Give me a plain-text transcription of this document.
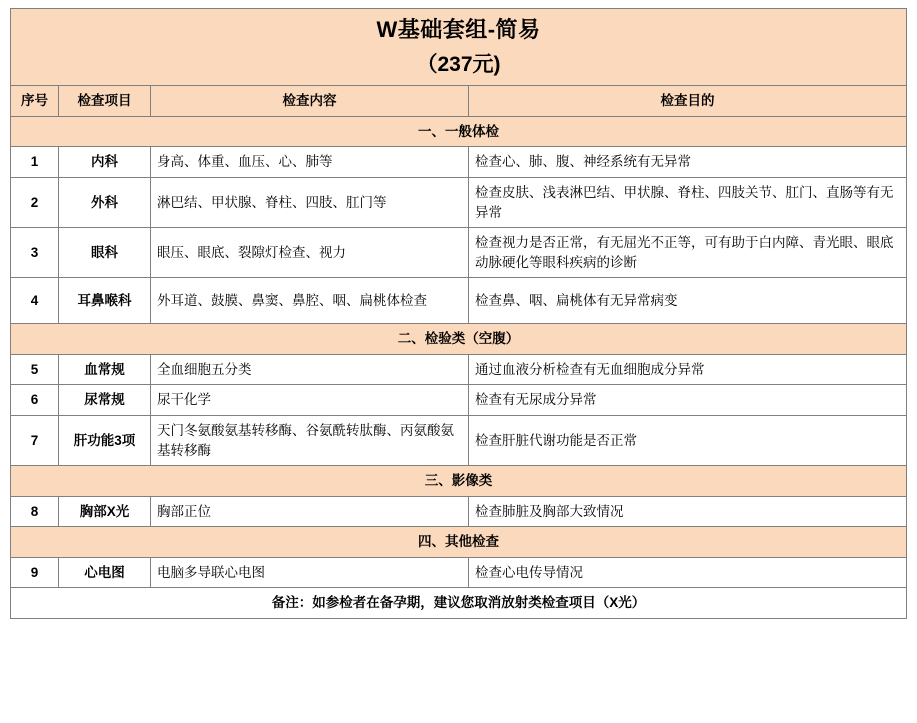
W基础套组-简易
（237元)			

序号	检查项目	检查内容	检查目的
一、一般体检			
1	内科	身高、体重、血压、心、肺等	检查心、肺、腹、神经系统有无异常
2	外科	淋巴结、甲状腺、脊柱、四肢、肛门等	检查皮肤、浅表淋巴结、甲状腺、脊柱、四肢关节、肛门、直肠等有无异常
3	眼科	眼压、眼底、裂隙灯检查、视力	检查视力是否正常，有无屈光不正等，可有助于白内障、青光眼、眼底动脉硬化等眼科疾病的诊断
4	耳鼻喉科	外耳道、鼓膜、鼻窦、鼻腔、咽、扁桃体检查	检查鼻、咽、扁桃体有无异常病变
二、检验类（空腹）			
5	血常规	全血细胞五分类	通过血液分析检查有无血细胞成分异常
6	尿常规	尿干化学	检查有无尿成分异常
7	肝功能3项	天门冬氨酸氨基转移酶、谷氨酰转肽酶、丙氨酸氨基转移酶	检查肝脏代谢功能是否正常
三、影像类			
8	胸部X光	胸部正位	检查肺脏及胸部大致情况
四、其他检查			
9	心电图	电脑多导联心电图	检查心电传导情况
备注：如参检者在备孕期，建议您取消放射类检查项目（X光）			
